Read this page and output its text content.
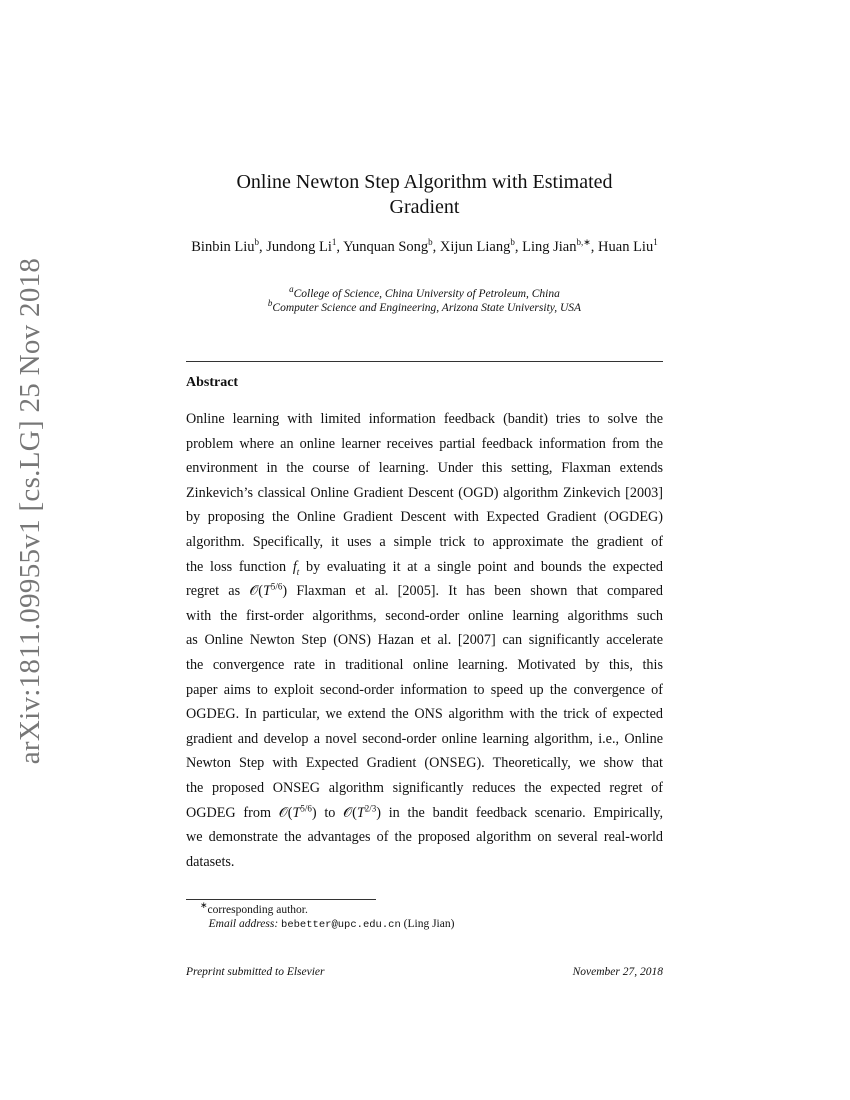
arXiv:1811.09955v1 [cs.LG] 25 Nov 2018
Online Newton Step Algorithm with Estimated
Gradient
Binbin Liu$^b$, Jundong Li$^1$, Yunquan Song$^b$, Xijun Liang$^b$, Ling Jian$^{b,∗}$, Huan Liu$^1$
$^a$College of Science, China University of Petroleum, China
$^b$Computer Science and Engineering, Arizona State University, USA
Abstract
Online learning with limited information feedback (bandit) tries to solve the
problem where an online learner receives partial feedback information from the
environment in the course of learning. Under this setting, Flaxman extends
Zinkevich’s classical Online Gradient Descent (OGD) algorithm Zinkevich [2003]
by proposing the Online Gradient Descent with Expected Gradient (OGDEG)
algorithm. Specifically, it uses a simple trick to approximate the gradient of
the loss function $f_t$ by evaluating it at a single point and bounds the expected
regret as $𝒪(T^{5/6})$ Flaxman et al. [2005]. It has been shown that compared
with the first-order algorithms, second-order online learning algorithms such
as Online Newton Step (ONS) Hazan et al. [2007] can significantly accelerate
the convergence rate in traditional online learning. Motivated by this, this
paper aims to exploit second-order information to speed up the convergence of
OGDEG. In particular, we extend the ONS algorithm with the trick of expected
gradient and develop a novel second-order online learning algorithm, i.e., Online
Newton Step with Expected Gradient (ONSEG). Theoretically, we show that
the proposed ONSEG algorithm significantly reduces the expected regret of
OGDEG from $𝒪(T^{5/6})$ to $𝒪(T^{2/3})$ in the bandit feedback scenario. Empirically,
we demonstrate the advantages of the proposed algorithm on several real-world
datasets.
∗corresponding author.
Email address: bebetter@upc.edu.cn (Ling Jian)
Preprint submitted to Elsevier	November 27, 2018
